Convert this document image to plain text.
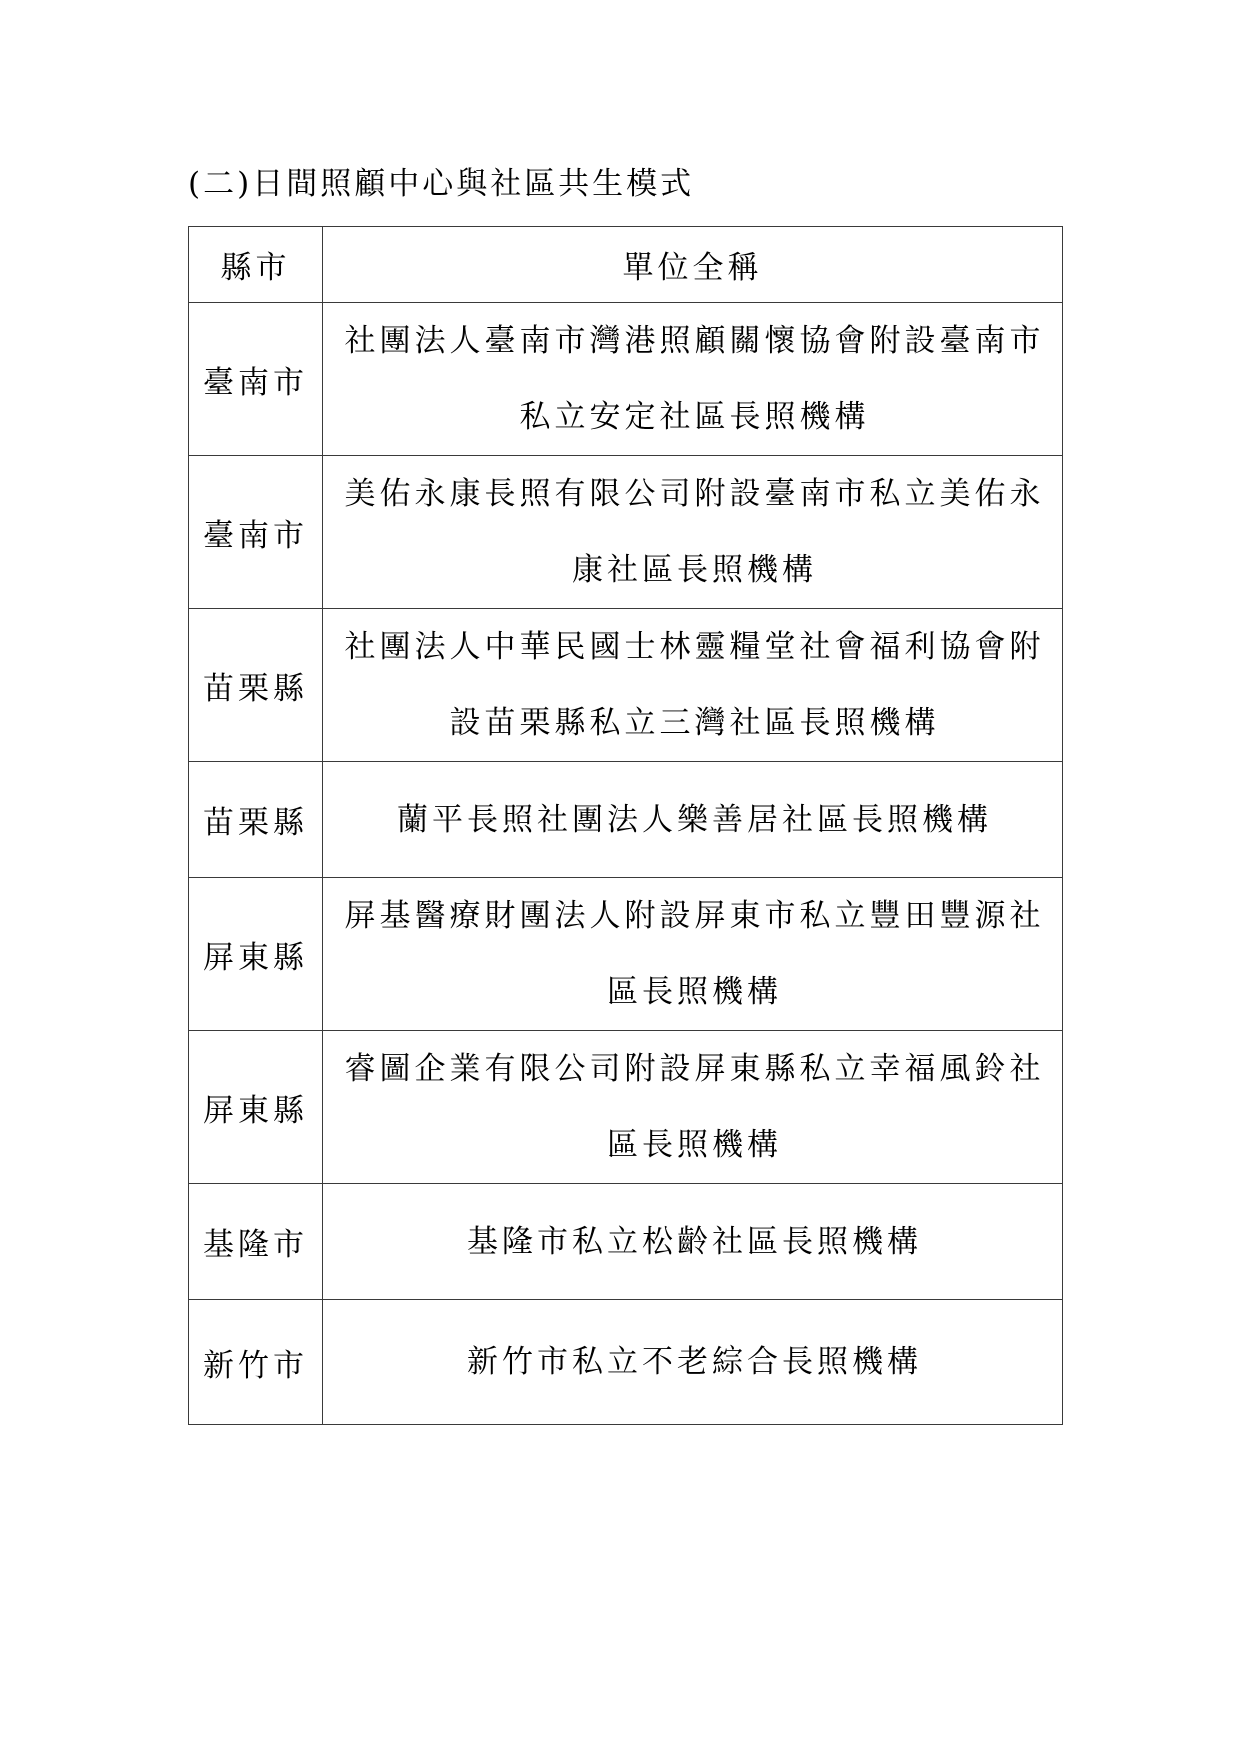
(二)日間照顧中心與社區共生模式
縣市	單位全稱
臺南市	社團法人臺南市灣港照顧關懷協會附設臺南市私立安定社區長照機構
臺南市	美佑永康長照有限公司附設臺南市私立美佑永康社區長照機構
苗栗縣	社團法人中華民國士林靈糧堂社會福利協會附設苗栗縣私立三灣社區長照機構
苗栗縣	蘭平長照社團法人樂善居社區長照機構
屏東縣	屏基醫療財團法人附設屏東市私立豐田豐源社區長照機構
屏東縣	睿圖企業有限公司附設屏東縣私立幸福風鈴社區長照機構
基隆市	基隆市私立松齡社區長照機構
新竹市	新竹市私立不老綜合長照機構
